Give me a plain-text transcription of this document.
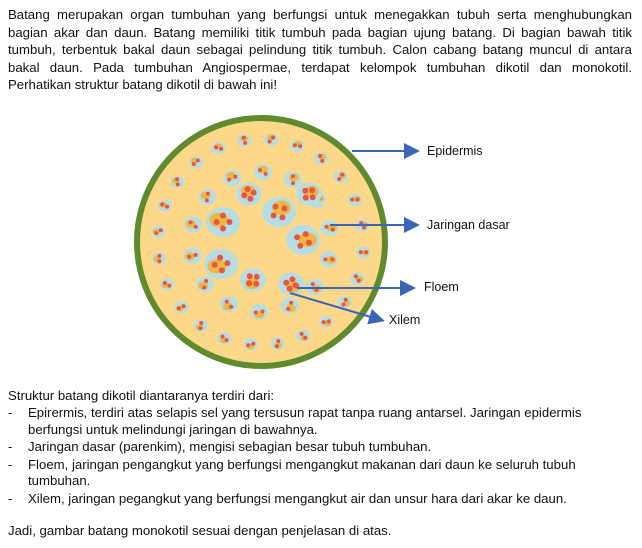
Batang merupakan organ tumbuhan yang berfungsi untuk menegakkan tubuh serta menghubungkan bagian akar dan daun. Batang memiliki titik tumbuh pada bagian ujung batang. Di bagian bawah titik tumbuh, terbentuk bakal daun sebagai pelindung titik tumbuh. Calon cabang batang muncul di antara bakal daun. Pada tumbuhan Angiospermae, terdapat kelompok tumbuhan dikotil dan monokotil. Perhatikan struktur batang dikotil di bawah ini!

Epidermis
Jaringan dasar
Floem
Xilem
Struktur batang dikotil diantaranya terdiri dari:
- Epirermis, terdiri atas selapis sel yang tersusun rapat tanpa ruang antarsel. Jaringan epidermis berfungsi untuk melindungi jaringan di bawahnya.
- Jaringan dasar (parenkim), mengisi sebagian besar tubuh tumbuhan.
- Floem, jaringan pengangkut yang berfungsi mengangkut makanan dari daun ke seluruh tubuh tumbuhan.
- Xilem, jaringan pegangkut yang berfungsi mengangkut air dan unsur hara dari akar ke daun.
Jadi, gambar batang monokotil sesuai dengan penjelasan di atas.
